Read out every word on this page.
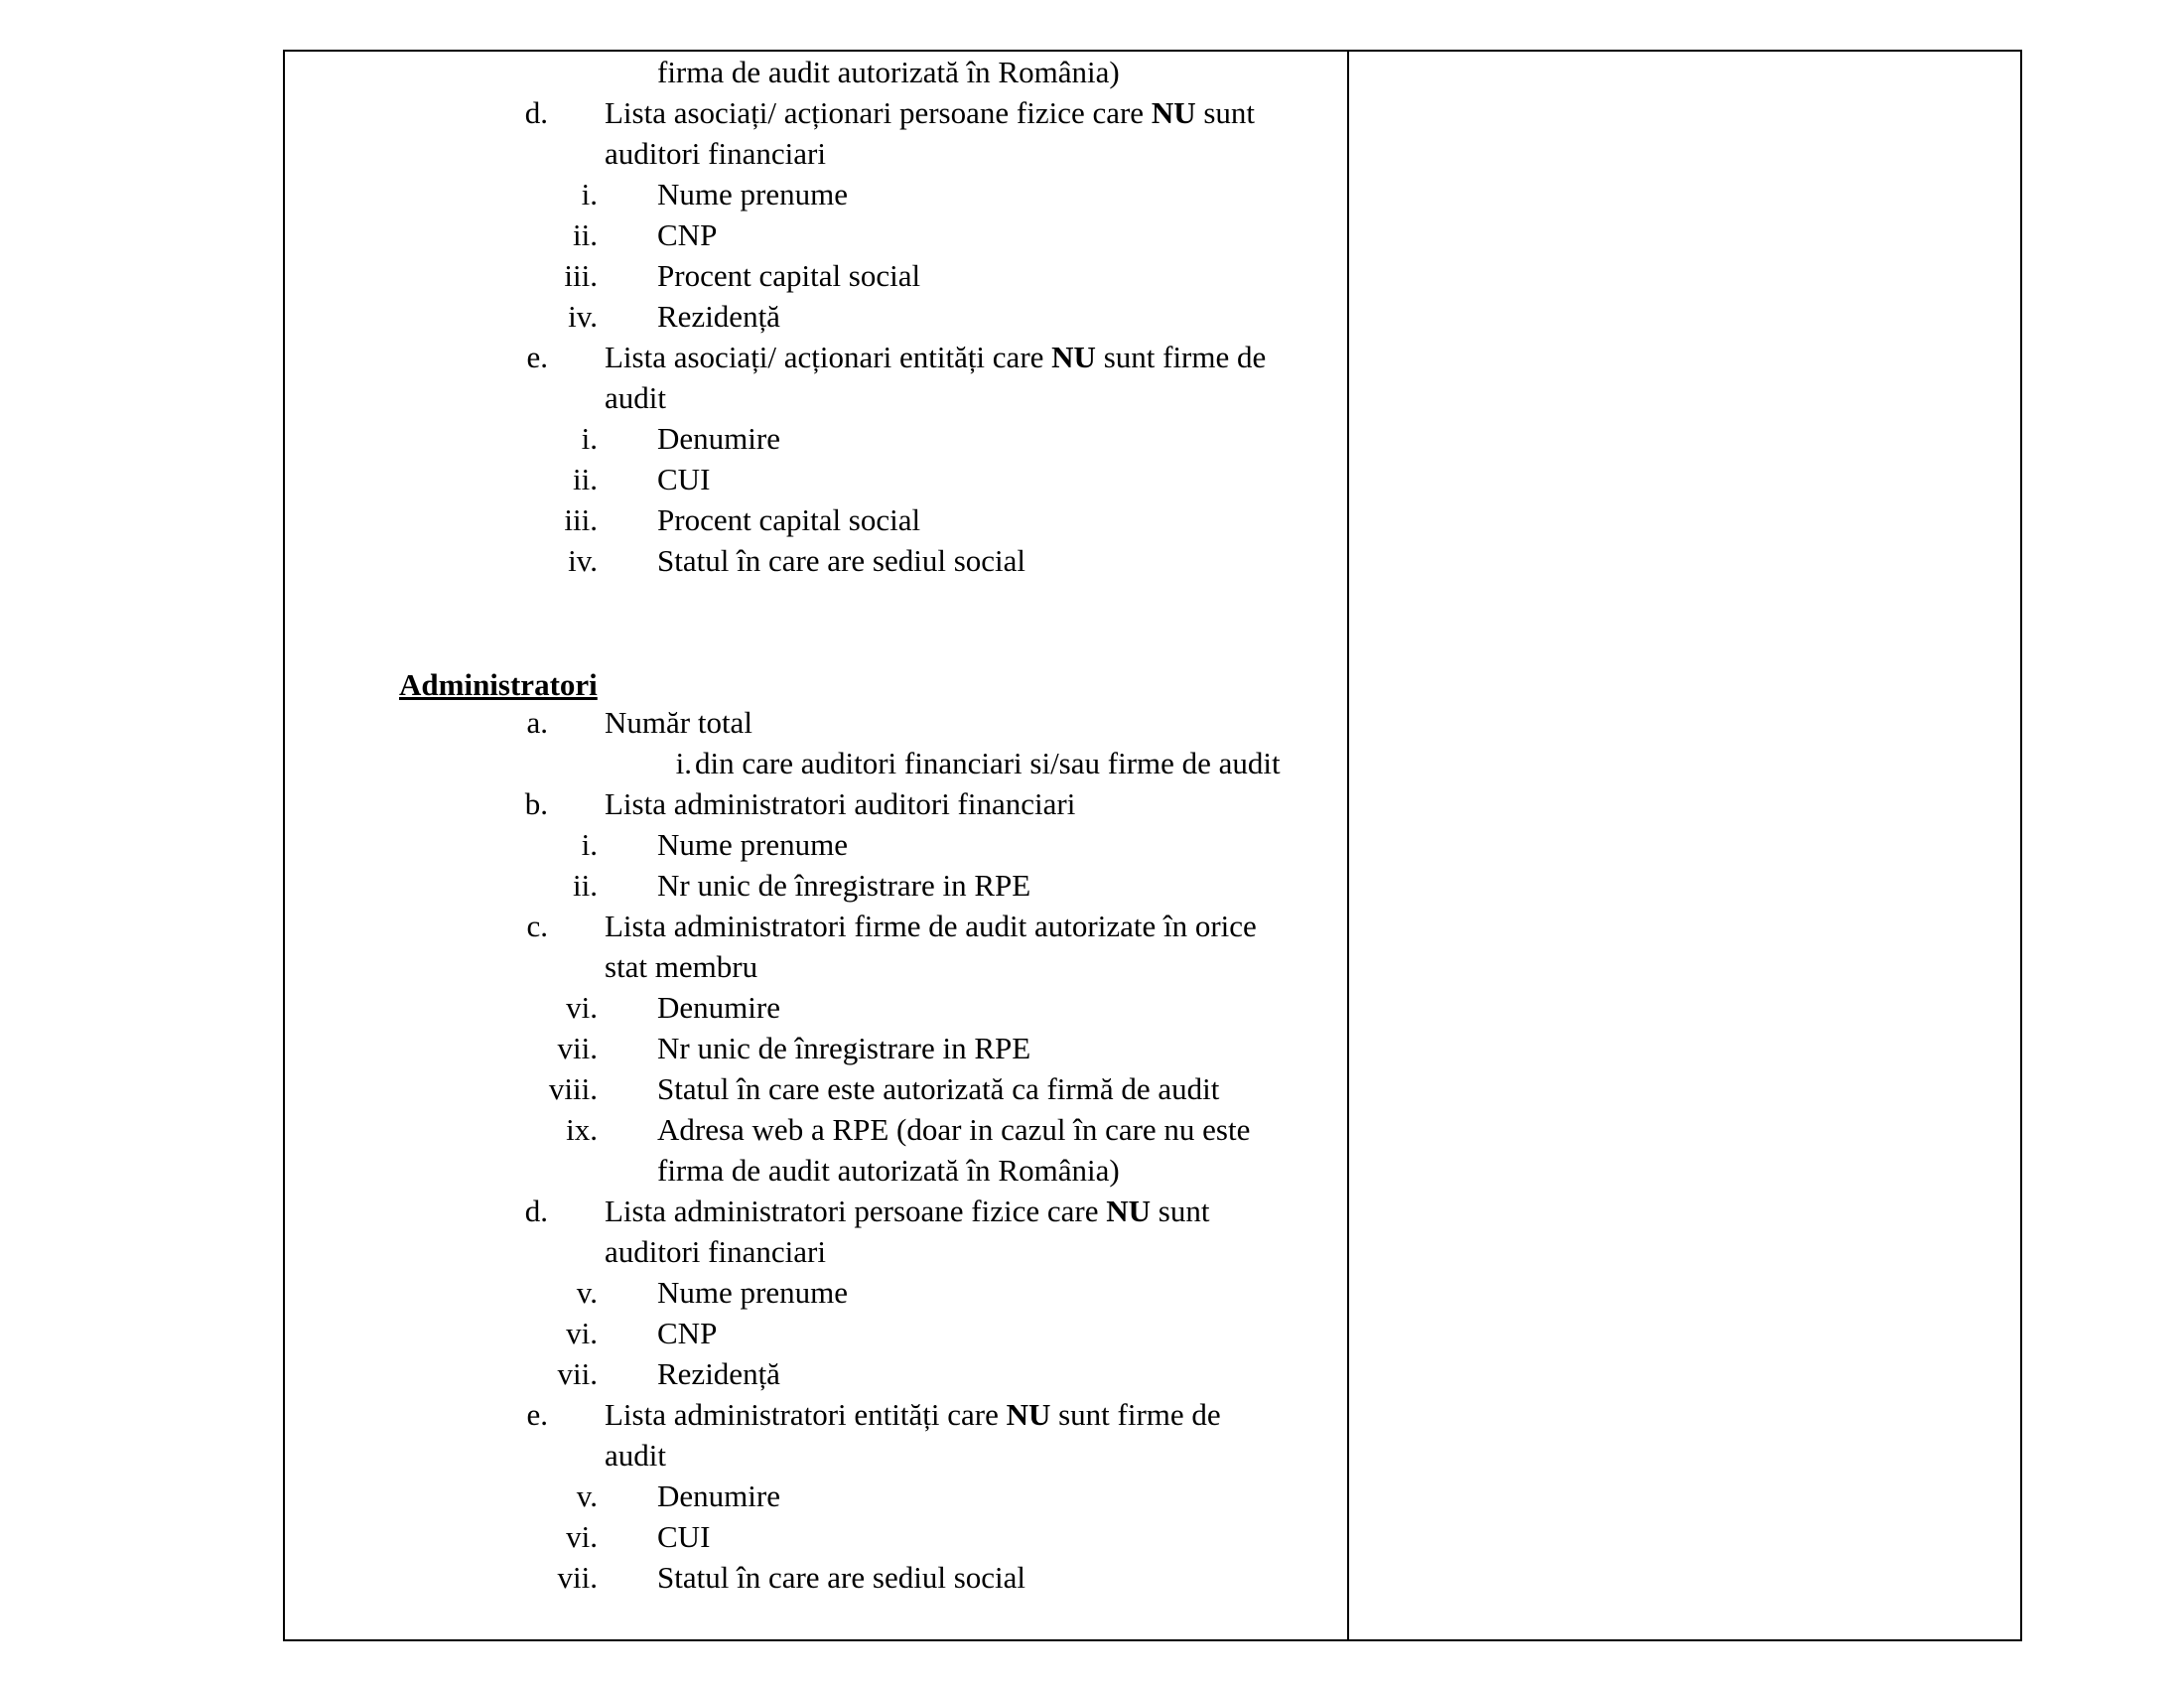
firma de audit autorizată în România)
d. Lista asociați/ acționari persoane fizice care NU sunt
auditori financiari
i. Nume prenume
ii. CNP
iii. Procent capital social
iv. Rezidență
e. Lista asociați/ acționari entități care NU sunt firme de
audit
i. Denumire
ii. CUI
iii. Procent capital social
iv. Statul în care are sediul social
Administratori
a. Număr total
i. din care auditori financiari si/sau firme de audit
b. Lista administratori auditori financiari
i. Nume prenume
ii. Nr unic de înregistrare in RPE
c. Lista administratori firme de audit autorizate în orice
stat membru
vi. Denumire
vii. Nr unic de înregistrare in RPE
viii. Statul în care este autorizată ca firmă de audit
ix. Adresa web a RPE (doar in cazul în care nu este
firma de audit autorizată în România)
d. Lista administratori persoane fizice care NU sunt
auditori financiari
v. Nume prenume
vi. CNP
vii. Rezidență
e. Lista administratori entități care NU sunt firme de
audit
v. Denumire
vi. CUI
vii. Statul în care are sediul social
